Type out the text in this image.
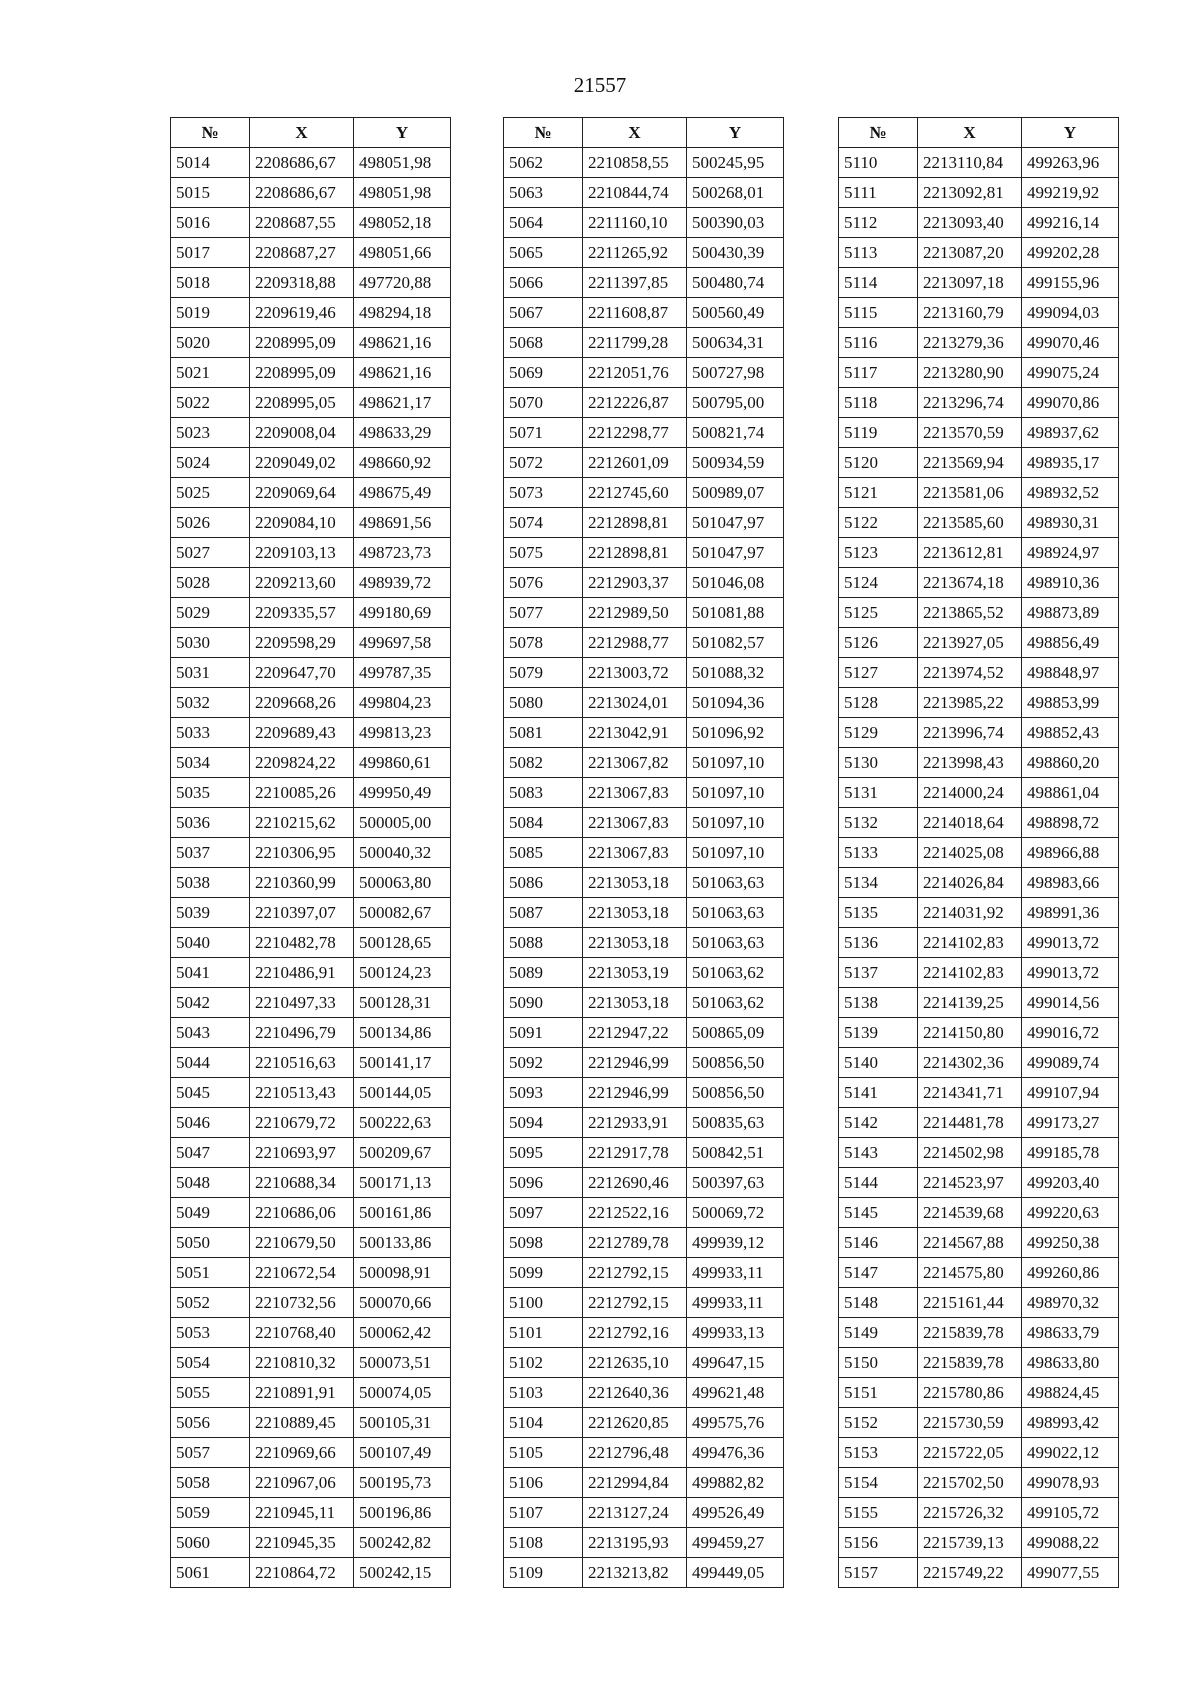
21557
№	X	Y
5014	2208686,67	498051,98
5015	2208686,67	498051,98
5016	2208687,55	498052,18
5017	2208687,27	498051,66
5018	2209318,88	497720,88
5019	2209619,46	498294,18
5020	2208995,09	498621,16
5021	2208995,09	498621,16
5022	2208995,05	498621,17
5023	2209008,04	498633,29
5024	2209049,02	498660,92
5025	2209069,64	498675,49
5026	2209084,10	498691,56
5027	2209103,13	498723,73
5028	2209213,60	498939,72
5029	2209335,57	499180,69
5030	2209598,29	499697,58
5031	2209647,70	499787,35
5032	2209668,26	499804,23
5033	2209689,43	499813,23
5034	2209824,22	499860,61
5035	2210085,26	499950,49
5036	2210215,62	500005,00
5037	2210306,95	500040,32
5038	2210360,99	500063,80
5039	2210397,07	500082,67
5040	2210482,78	500128,65
5041	2210486,91	500124,23
5042	2210497,33	500128,31
5043	2210496,79	500134,86
5044	2210516,63	500141,17
5045	2210513,43	500144,05
5046	2210679,72	500222,63
5047	2210693,97	500209,67
5048	2210688,34	500171,13
5049	2210686,06	500161,86
5050	2210679,50	500133,86
5051	2210672,54	500098,91
5052	2210732,56	500070,66
5053	2210768,40	500062,42
5054	2210810,32	500073,51
5055	2210891,91	500074,05
5056	2210889,45	500105,31
5057	2210969,66	500107,49
5058	2210967,06	500195,73
5059	2210945,11	500196,86
5060	2210945,35	500242,82
5061	2210864,72	500242,15
№	X	Y
5062	2210858,55	500245,95
5063	2210844,74	500268,01
5064	2211160,10	500390,03
5065	2211265,92	500430,39
5066	2211397,85	500480,74
5067	2211608,87	500560,49
5068	2211799,28	500634,31
5069	2212051,76	500727,98
5070	2212226,87	500795,00
5071	2212298,77	500821,74
5072	2212601,09	500934,59
5073	2212745,60	500989,07
5074	2212898,81	501047,97
5075	2212898,81	501047,97
5076	2212903,37	501046,08
5077	2212989,50	501081,88
5078	2212988,77	501082,57
5079	2213003,72	501088,32
5080	2213024,01	501094,36
5081	2213042,91	501096,92
5082	2213067,82	501097,10
5083	2213067,83	501097,10
5084	2213067,83	501097,10
5085	2213067,83	501097,10
5086	2213053,18	501063,63
5087	2213053,18	501063,63
5088	2213053,18	501063,63
5089	2213053,19	501063,62
5090	2213053,18	501063,62
5091	2212947,22	500865,09
5092	2212946,99	500856,50
5093	2212946,99	500856,50
5094	2212933,91	500835,63
5095	2212917,78	500842,51
5096	2212690,46	500397,63
5097	2212522,16	500069,72
5098	2212789,78	499939,12
5099	2212792,15	499933,11
5100	2212792,15	499933,11
5101	2212792,16	499933,13
5102	2212635,10	499647,15
5103	2212640,36	499621,48
5104	2212620,85	499575,76
5105	2212796,48	499476,36
5106	2212994,84	499882,82
5107	2213127,24	499526,49
5108	2213195,93	499459,27
5109	2213213,82	499449,05
№	X	Y
5110	2213110,84	499263,96
5111	2213092,81	499219,92
5112	2213093,40	499216,14
5113	2213087,20	499202,28
5114	2213097,18	499155,96
5115	2213160,79	499094,03
5116	2213279,36	499070,46
5117	2213280,90	499075,24
5118	2213296,74	499070,86
5119	2213570,59	498937,62
5120	2213569,94	498935,17
5121	2213581,06	498932,52
5122	2213585,60	498930,31
5123	2213612,81	498924,97
5124	2213674,18	498910,36
5125	2213865,52	498873,89
5126	2213927,05	498856,49
5127	2213974,52	498848,97
5128	2213985,22	498853,99
5129	2213996,74	498852,43
5130	2213998,43	498860,20
5131	2214000,24	498861,04
5132	2214018,64	498898,72
5133	2214025,08	498966,88
5134	2214026,84	498983,66
5135	2214031,92	498991,36
5136	2214102,83	499013,72
5137	2214102,83	499013,72
5138	2214139,25	499014,56
5139	2214150,80	499016,72
5140	2214302,36	499089,74
5141	2214341,71	499107,94
5142	2214481,78	499173,27
5143	2214502,98	499185,78
5144	2214523,97	499203,40
5145	2214539,68	499220,63
5146	2214567,88	499250,38
5147	2214575,80	499260,86
5148	2215161,44	498970,32
5149	2215839,78	498633,79
5150	2215839,78	498633,80
5151	2215780,86	498824,45
5152	2215730,59	498993,42
5153	2215722,05	499022,12
5154	2215702,50	499078,93
5155	2215726,32	499105,72
5156	2215739,13	499088,22
5157	2215749,22	499077,55
